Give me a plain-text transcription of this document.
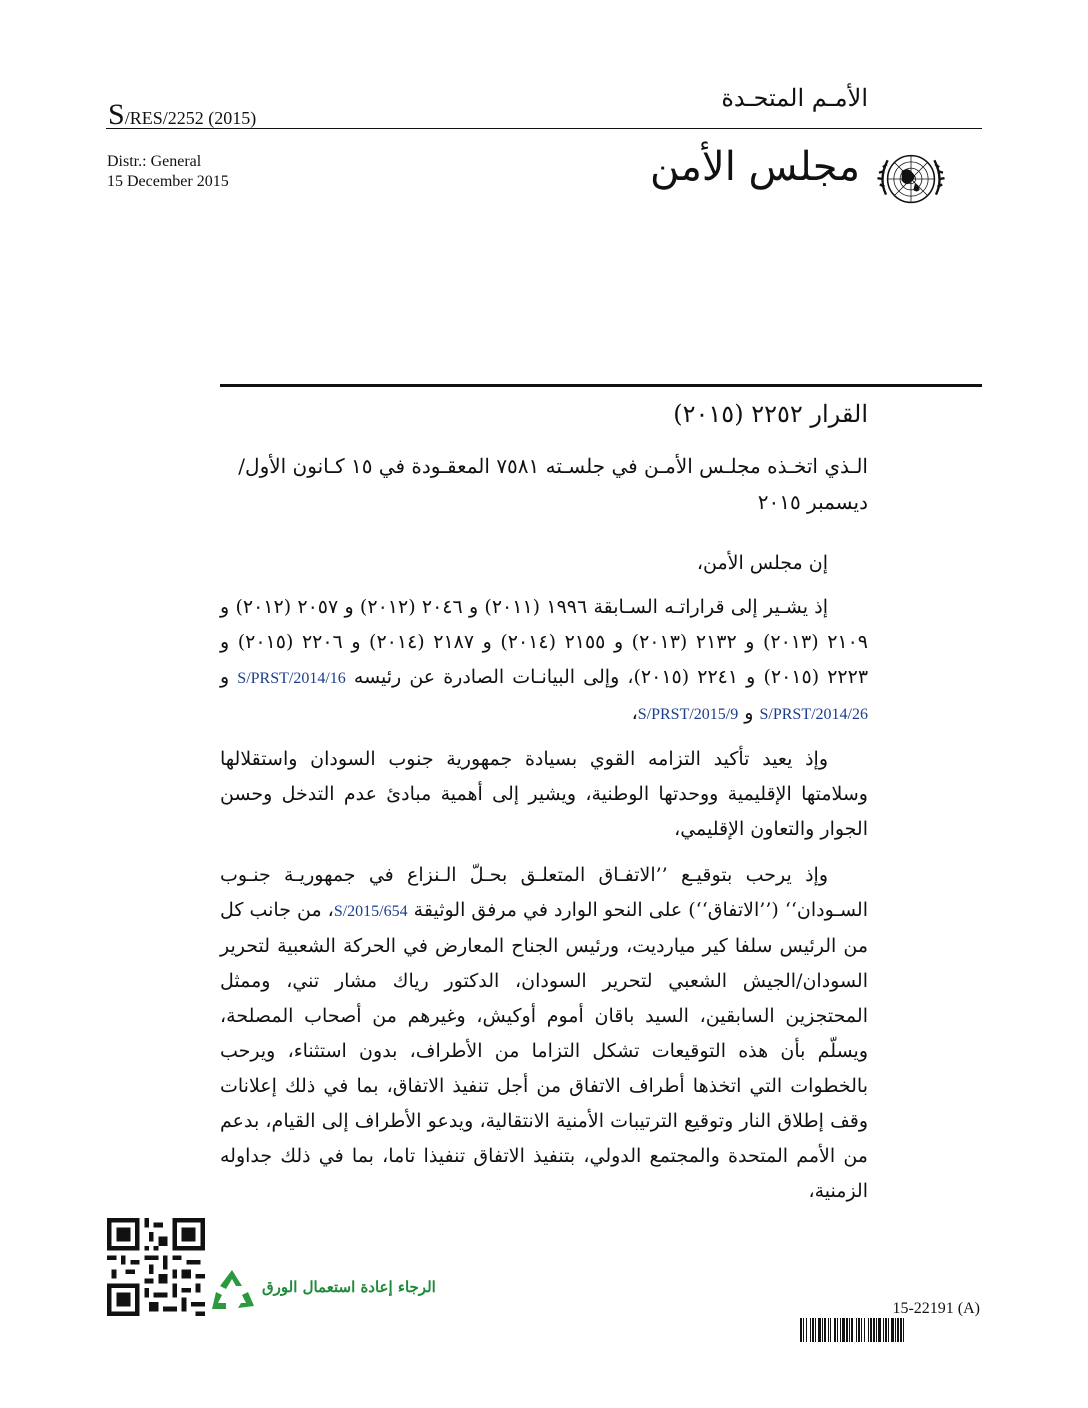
S/RES/2252 (2015)
الأمـم المتحـدة
Distr.: General
15 December 2015	مجلس الأمن
القرار ٢٢٥٢ (٢٠١٥)
الـذي اتخـذه مجلـس الأمـن في جلسـته ٧٥٨١ المعقـودة في ١٥ كـانون الأول/ ديسمبر ٢٠١٥
إن مجلس الأمن،
إذ يشـير إلى قراراتـه السـابقة ١٩٩٦ (٢٠١١) و ٢٠٤٦ (٢٠١٢) و ٢٠٥٧ (٢٠١٢) و ٢١٠٩ (٢٠١٣) و ٢١٣٢ (٢٠١٣) و ٢١٥٥ (٢٠١٤) و ٢١٨٧ (٢٠١٤) و ٢٢٠٦ (٢٠١٥) و ٢٢٢٣ (٢٠١٥) و ٢٢٤١ (٢٠١٥)، وإلى البيانـات الصادرة عن رئيسه S/PRST/2014/16 و S/PRST/2014/26 و S/PRST/2015/9،
وإذ يعيد تأكيد التزامه القوي بسيادة جمهورية جنوب السودان واستقلالها وسلامتها الإقليمية ووحدتها الوطنية، ويشير إلى أهمية مبادئ عدم التدخل وحسن الجوار والتعاون الإقليمي،
وإذ يرحب بتوقيـع ’’الاتفـاق المتعلـق بحـلّ الـنزاع في جمهوريـة جنـوب السـودان‘‘ (’’الاتفاق‘‘) على النحو الوارد في مرفق الوثيقة S/2015/654، من جانب كل من الرئيس سلفا كير ميارديت، ورئيس الجناح المعارض في الحركة الشعبية لتحرير السودان/الجيش الشعبي لتحرير السودان، الدكتور رياك مشار تني، وممثل المحتجزين السابقين، السيد باقان أموم أوكيش، وغيرهم من أصحاب المصلحة، ويسلّم بأن هذه التوقيعات تشكل التزاما من الأطراف، بدون استثناء، ويرحب بالخطوات التي اتخذها أطراف الاتفاق من أجل تنفيذ الاتفاق، بما في ذلك إعلانات وقف إطلاق النار وتوقيع الترتيبات الأمنية الانتقالية، ويدعو الأطراف إلى القيام، بدعم من الأمم المتحدة والمجتمع الدولي، بتنفيذ الاتفاق تنفيذا تاما، بما في ذلك جداوله الزمنية،
الرجاء إعادة استعمال الورق
15-22191 (A)
